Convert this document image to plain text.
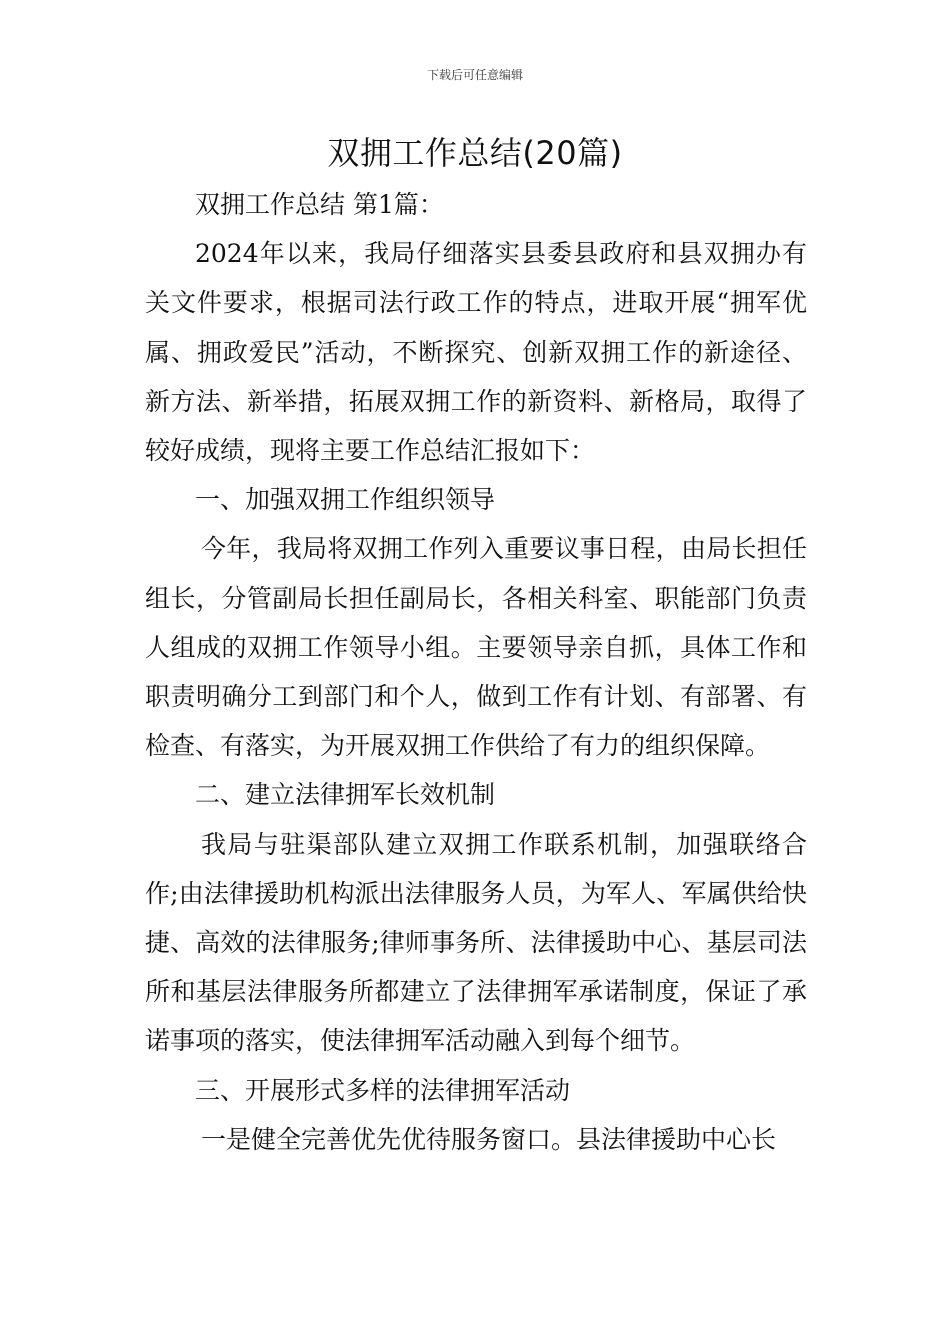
下载后可任意编辑
双拥工作总结(20篇)

双拥工作总结 第1篇：

2024年以来，我局仔细落实县委县政府和县双拥办有关文件要求，根据司法行政工作的特点，进取开展“拥军优属、拥政爱民”活动，不断探究、创新双拥工作的新途径、新方法、新举措，拓展双拥工作的新资料、新格局，取得了较好成绩，现将主要工作总结汇报如下：

一、加强双拥工作组织领导

今年，我局将双拥工作列入重要议事日程，由局长担任组长，分管副局长担任副局长，各相关科室、职能部门负责人组成的双拥工作领导小组。主要领导亲自抓，具体工作和职责明确分工到部门和个人，做到工作有计划、有部署、有检查、有落实，为开展双拥工作供给了有力的组织保障。

二、建立法律拥军长效机制

我局与驻渠部队建立双拥工作联系机制，加强联络合作;由法律援助机构派出法律服务人员，为军人、军属供给快捷、高效的法律服务;律师事务所、法律援助中心、基层司法所和基层法律服务所都建立了法律拥军承诺制度，保证了承诺事项的落实，使法律拥军活动融入到每个细节。

三、开展形式多样的法律拥军活动

一是健全完善优先优待服务窗口。县法律援助中心长
